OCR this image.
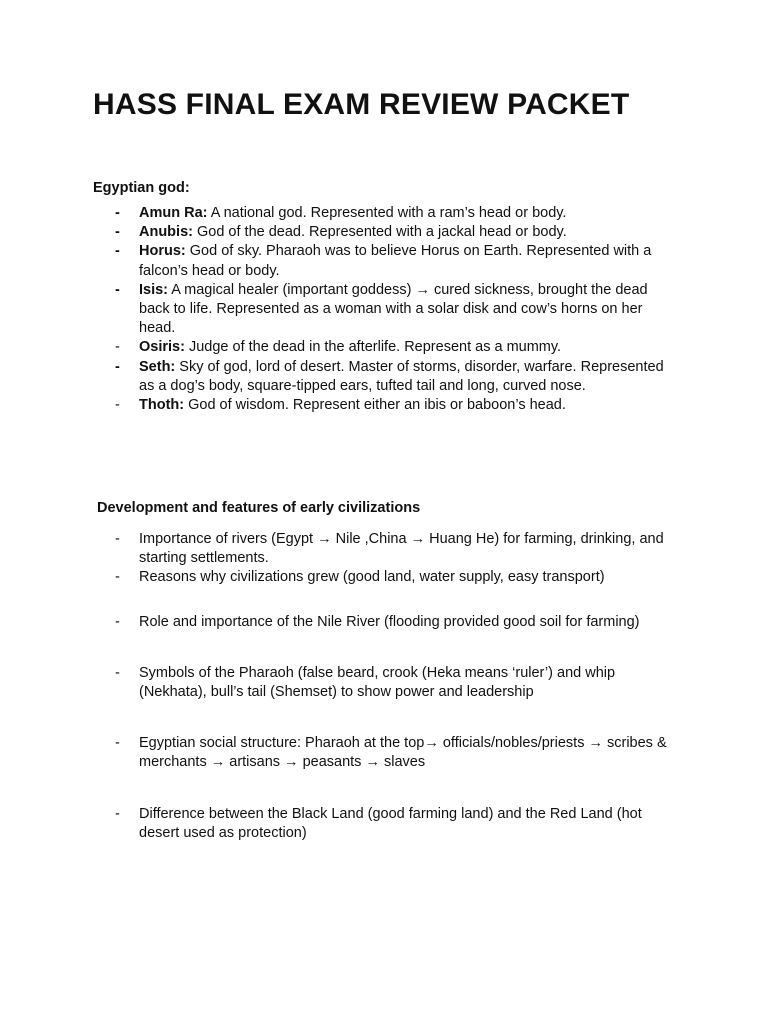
HASS FINAL EXAM REVIEW PACKET
Egyptian god:
-	Amun Ra: A national god. Represented with a ram’s head or body.
-	Anubis: God of the dead. Represented with a jackal head or body.
-	Horus: God of sky. Pharaoh was to believe Horus on Earth. Represented with a falcon’s head or body.
-	Isis: A magical healer (important goddess) → cured sickness, brought the dead back to life. Represented as a woman with a solar disk and cow’s horns on her head.
-	Osiris: Judge of the dead in the afterlife. Represent as a mummy.
-	Seth: Sky of god, lord of desert. Master of storms, disorder, warfare. Represented as a dog’s body, square-tipped ears, tufted tail and long, curved nose.
-	Thoth: God of wisdom. Represent either an ibis or baboon’s head.
Development and features of early civilizations
-	Importance of rivers (Egypt → Nile ,China → Huang He) for farming, drinking, and starting settlements.
-	Reasons why civilizations grew (good land, water supply, easy transport)
-	Role and importance of the Nile River (flooding provided good soil for farming)
-	Symbols of the Pharaoh (false beard, crook (Heka means ‘ruler’) and whip (Nekhata), bull’s tail (Shemset) to show power and leadership
-	Egyptian social structure: Pharaoh at the top→ officials/nobles/priests → scribes & merchants → artisans → peasants → slaves
-	Difference between the Black Land (good farming land) and the Red Land (hot desert used as protection)
